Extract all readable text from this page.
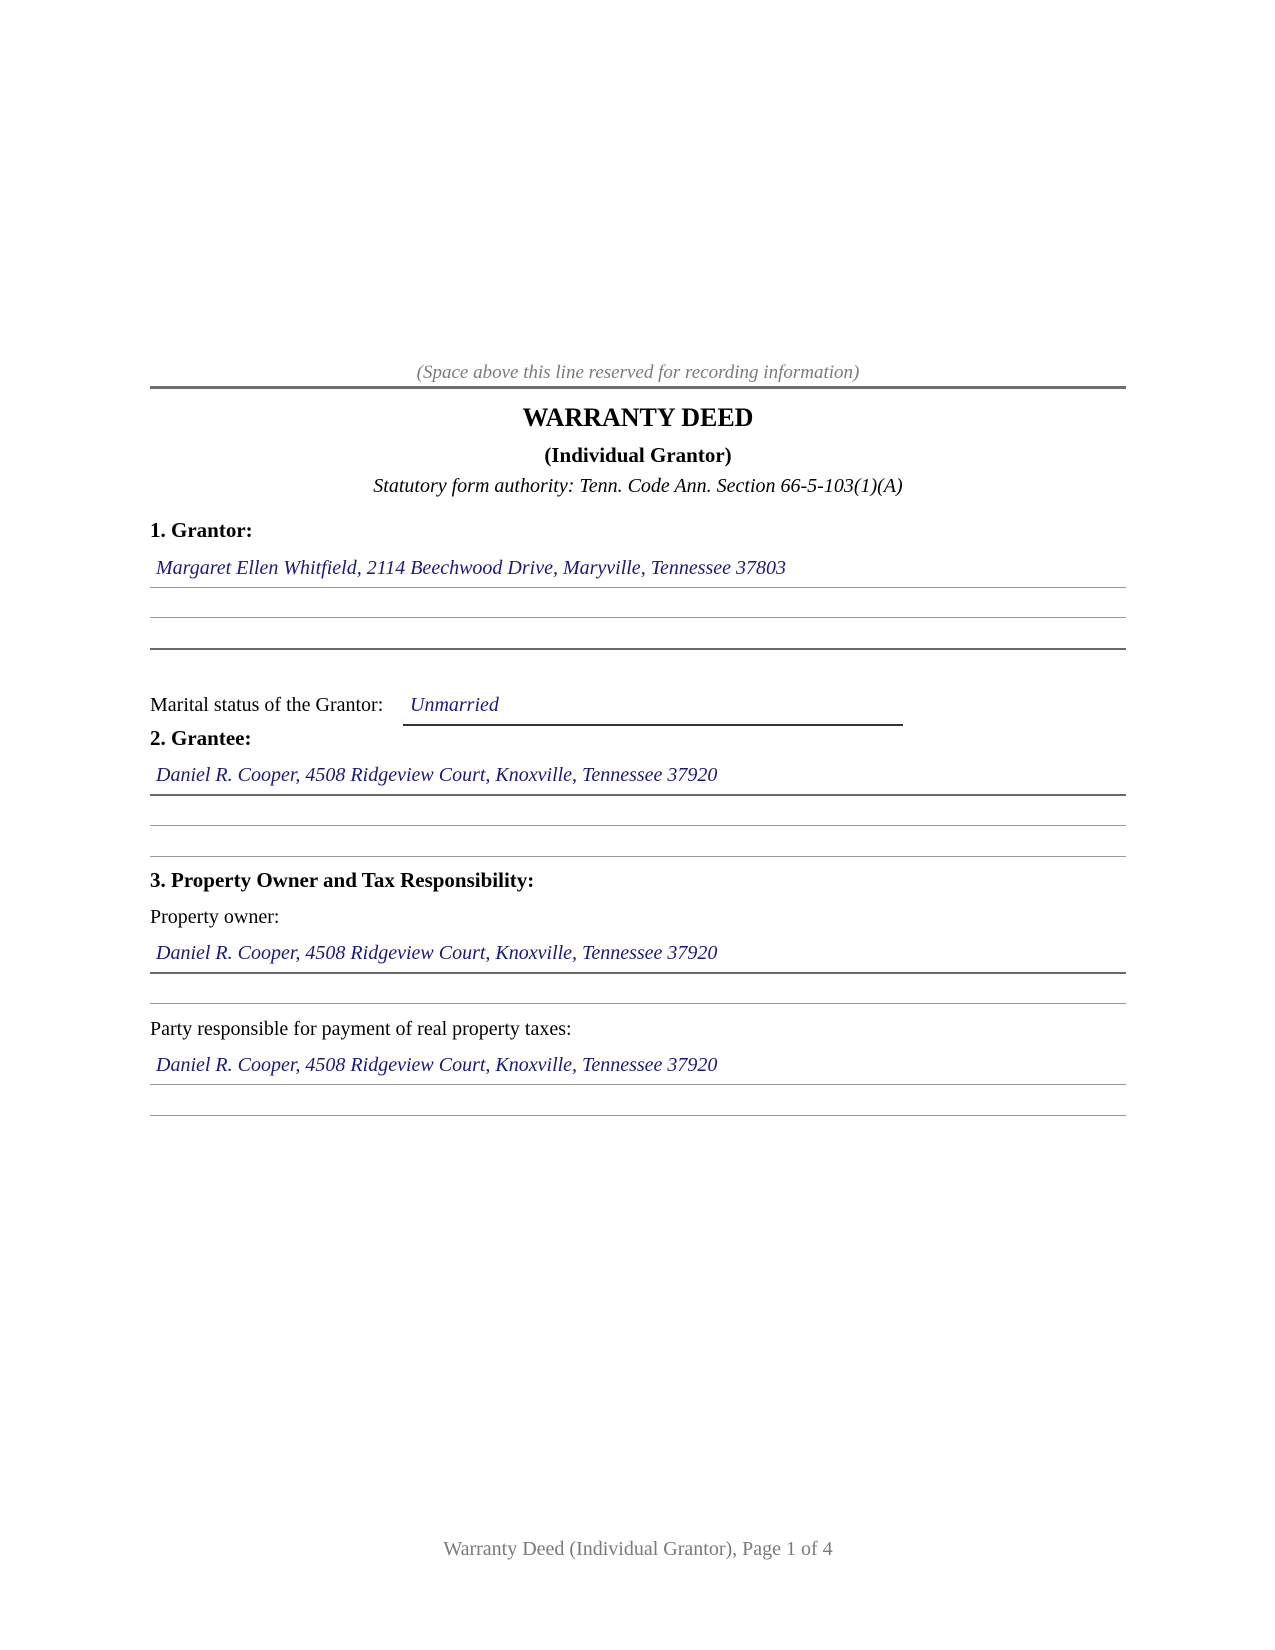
(Space above this line reserved for recording information)
WARRANTY DEED
(Individual Grantor)
Statutory form authority: Tenn. Code Ann. Section 66-5-103(1)(A)
1. Grantor:
Margaret Ellen Whitfield, 2114 Beechwood Drive, Maryville, Tennessee 37803
Marital status of the Grantor: Unmarried
2. Grantee:
Daniel R. Cooper, 4508 Ridgeview Court, Knoxville, Tennessee 37920
3. Property Owner and Tax Responsibility:
Property owner:
Daniel R. Cooper, 4508 Ridgeview Court, Knoxville, Tennessee 37920
Party responsible for payment of real property taxes:
Daniel R. Cooper, 4508 Ridgeview Court, Knoxville, Tennessee 37920
Warranty Deed (Individual Grantor), Page 1 of 4
